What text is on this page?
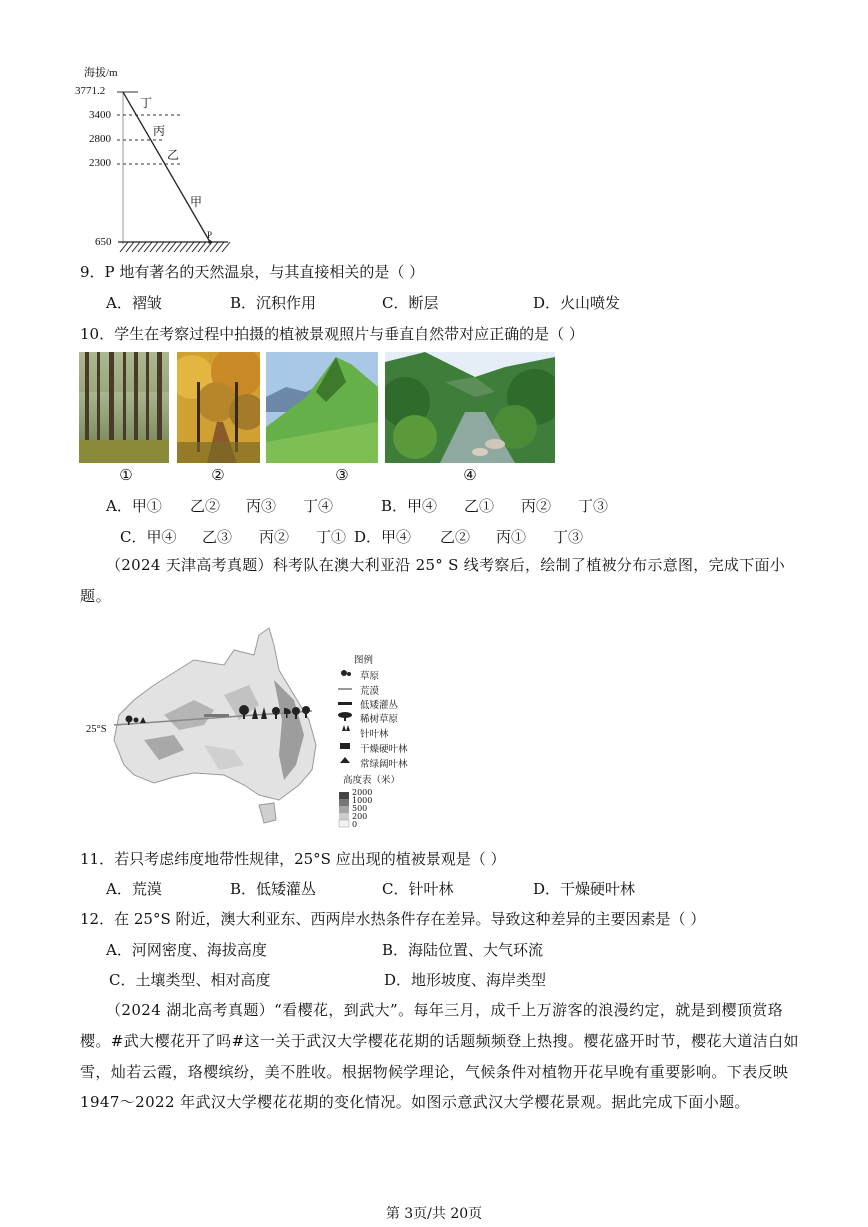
海拔/m
3771.2
3400
2800
2300
650
丁
丙
乙
甲
P
9．P 地有著名的天然温泉，与其直接相关的是（ ）
A．褶皱	B．沉积作用	C．断层	D．火山喷发
10．学生在考察过程中拍摄的植被景观照片与垂直自然带对应正确的是（ ）
①	②	③	④
A．甲① 乙② 丙③ 丁④	B．甲④ 乙① 丙② 丁③
C．甲④ 乙③ 丙② 丁① D．甲④ 乙② 丙① 丁③
（2024 天津高考真题）科考队在澳大利亚沿 25° S 线考察后，绘制了植被分布示意图，完成下面小
题。
25°S
图例
草原
荒漠
低矮灌丛
稀树草原
针叶林
干燥硬叶林
常绿阔叶林
高度表（米）
2000
1000
500
200
0
11．若只考虑纬度地带性规律，25°S 应出现的植被景观是（ ）
A．荒漠	B．低矮灌丛	C．针叶林	D．干燥硬叶林
12．在 25°S 附近，澳大利亚东、西两岸水热条件存在差异。导致这种差异的主要因素是（ ）
A．河网密度、海拔高度	B．海陆位置、大气环流
C．土壤类型、相对高度	D．地形坡度、海岸类型
（2024 湖北高考真题）“看樱花，到武大”。每年三月，成千上万游客的浪漫约定，就是到樱顶赏珞
樱。#武大樱花开了吗#这一关于武汉大学樱花花期的话题频频登上热搜。樱花盛开时节，樱花大道洁白如
雪，灿若云霞，珞樱缤纷，美不胜收。根据物候学理论，气候条件对植物开花早晚有重要影响。下表反映
1947～2022 年武汉大学樱花花期的变化情况。如图示意武汉大学樱花景观。据此完成下面小题。
第 3页/共 20页
